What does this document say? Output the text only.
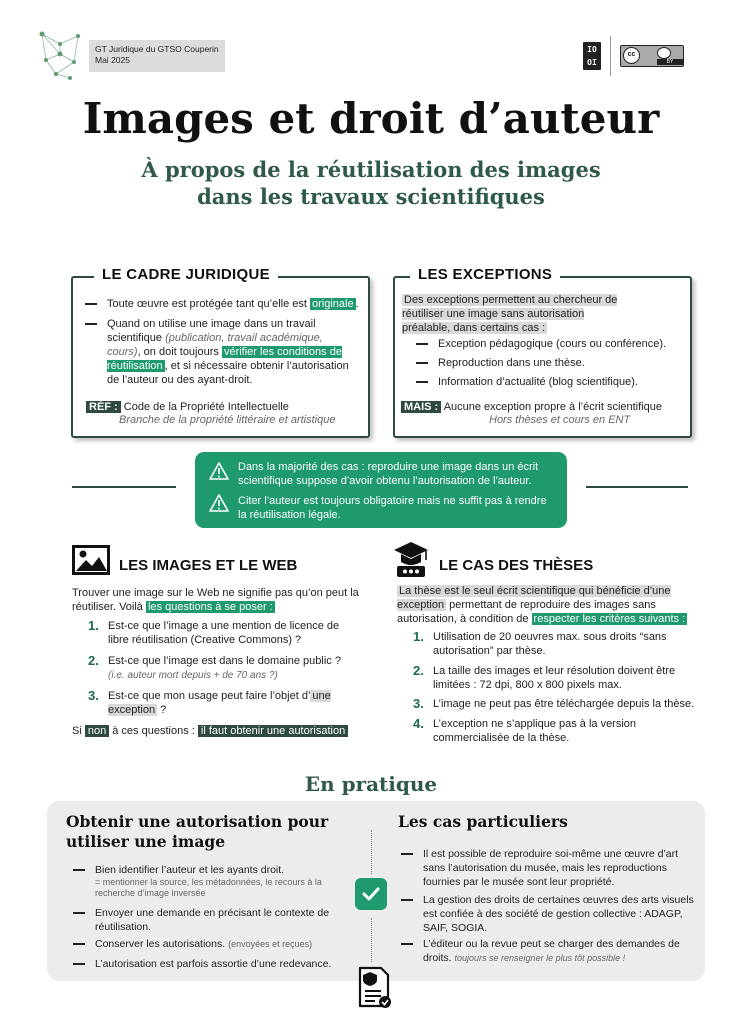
GT Juridique du GTSO Couperin
Mai 2025
IO OI
cc
BY
Images et droit d’auteur
À propos de la réutilisation des images dans les travaux scientifiques
LE CADRE JURIDIQUE
Toute œuvre est protégée tant qu’elle est originale .
Quand on utilise une image dans un travail scientifique (publication, travail académique, cours), on doit toujours vérifier les conditions de réutilisation , et si nécessaire obtenir l’autorisation de l’auteur ou des ayant-droit.
RÉF : Code de la Propriété Intellectuelle
Branche de la propriété littéraire et artistique
LES EXCEPTIONS
Des exceptions permettent au chercheur de réutiliser une image sans autorisation préalable, dans certains cas :
Exception pédagogique (cours ou conférence).
Reproduction dans une thèse.
Information d’actualité (blog scientifique).
MAIS : Aucune exception propre à l’écrit scientifique
Hors thèses et cours en ENT
Dans la majorité des cas : reproduire une image dans un écrit scientifique suppose d’avoir obtenu l’autorisation de l’auteur.
Citer l’auteur est toujours obligatoire mais ne suffit pas à rendre la réutilisation légale.
LES IMAGES ET LE WEB
Trouver une image sur le Web ne signifie pas qu’on peut la réutiliser. Voilà les questions à se poser :
1. Est-ce que l’image a une mention de licence de libre réutilisation (Creative Commons) ?
2. Est-ce que l’image est dans le domaine public ?
(i.e. auteur mort depuis + de 70 ans ?)
3. Est-ce que mon usage peut faire l’objet d’ une exception ?
Si non à ces questions : il faut obtenir une autorisation
LE CAS DES THÈSES
La thèse est le seul écrit scientifique qui bénéficie d’une exception permettant de reproduire des images sans autorisation, à condition de respecter les critères suivants :
1. Utilisation de 20 oeuvres max. sous droits “sans autorisation” par thèse.
2. La taille des images et leur résolution doivent être limitées : 72 dpi, 800 x 800 pixels max.
3. L’image ne peut pas être téléchargée depuis la thèse.
4. L’exception ne s’applique pas à la version commercialisée de la thèse.
En pratique
Obtenir une autorisation pour utiliser une image
Bien identifier l’auteur et les ayants droit.

= mentionner la source, les métadonnées, le recours à la recherche d’image inversée
Envoyer une demande en précisant le contexte de réutilisation.
Conserver les autorisations. (envoyées et reçues)
L’autorisation est parfois assortie d’une redevance.
Les cas particuliers
Il est possible de reproduire soi-même une œuvre d’art sans l’autorisation du musée, mais les reproductions fournies par le musée sont leur propriété.
La gestion des droits de certaines œuvres des arts visuels est confiée à des société de gestion collective : ADAGP, SAIF, SOGIA.
L’éditeur ou la revue peut se charger des demandes de droits. toujours se renseigner le plus tôt possible !
